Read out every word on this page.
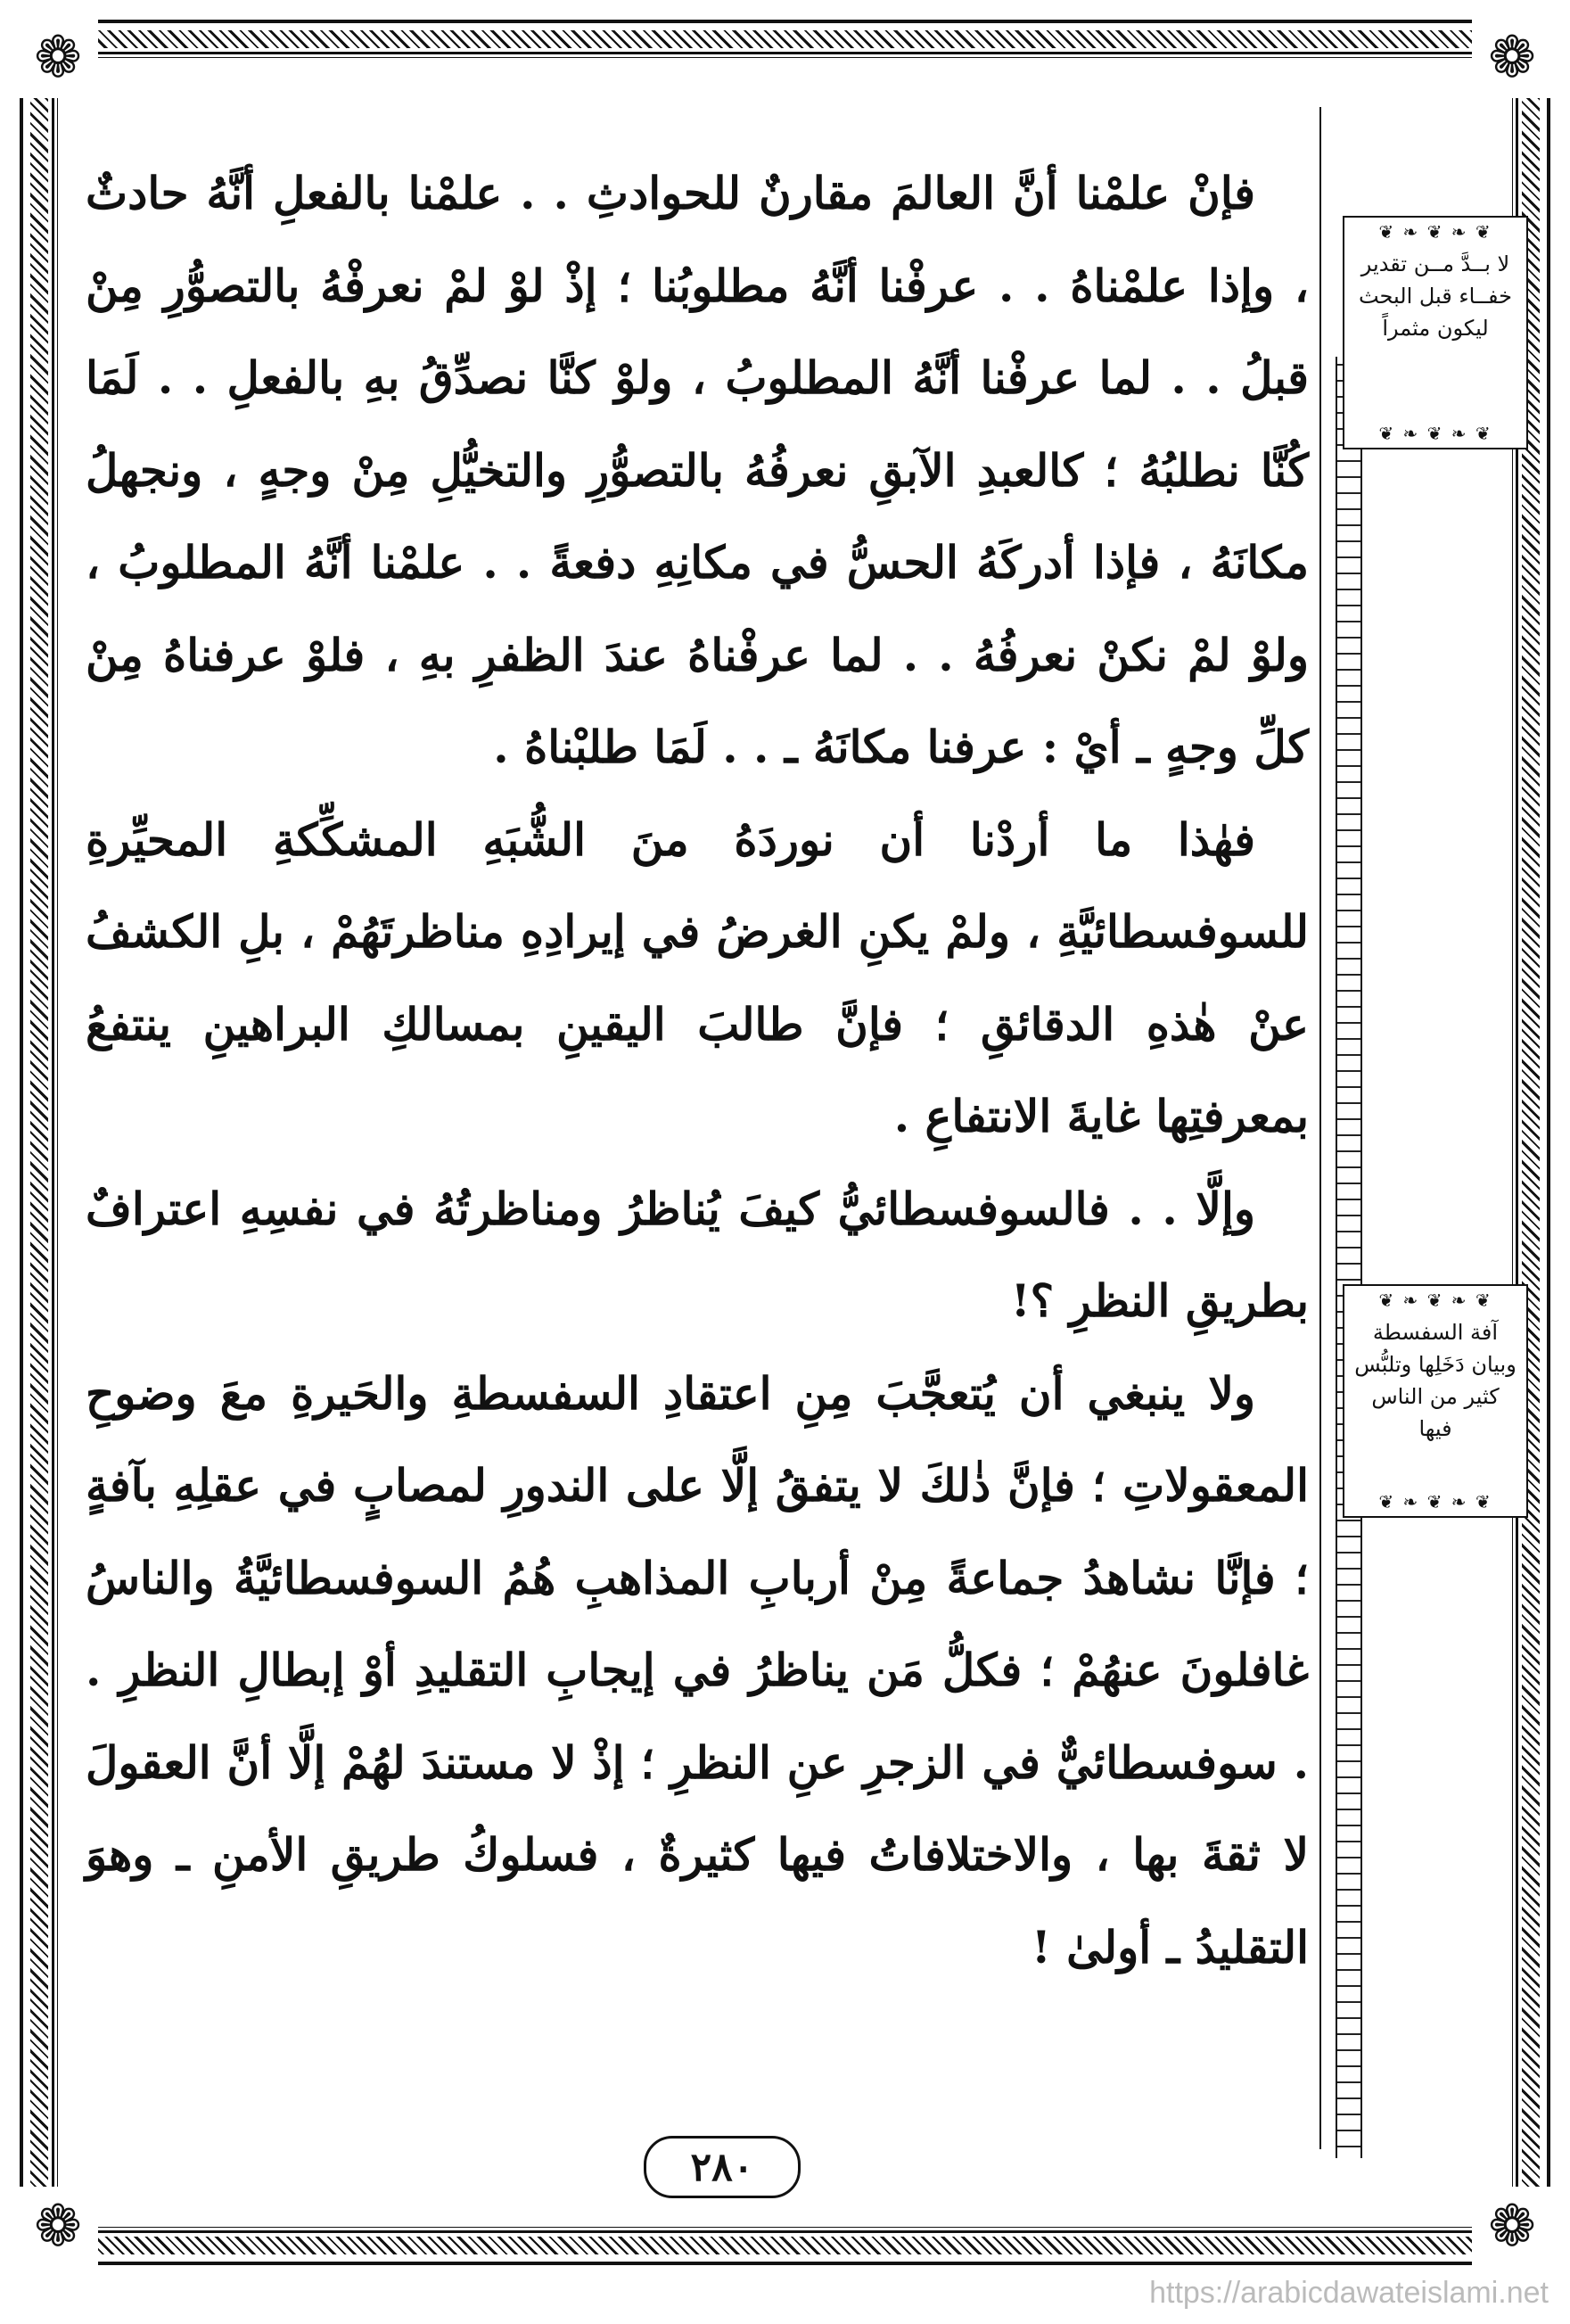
❁	❁
❁	❁

فإنْ علمْنا أنَّ العالمَ مقارنٌ للحوادثِ . . علمْنا بالفعلِ أنَّهُ حادثٌ ، وإذا علمْناهُ . . عرفْنا أنَّهُ مطلوبُنا ؛ إذْ لوْ لمْ نعرفْهُ بالتصوُّرِ مِنْ قبلُ . . لما عرفْنا أنَّهُ المطلوبُ ، ولوْ كنَّا نصدِّقُ بهِ بالفعلِ . . لَمَا كُنَّا نطلبُهُ ؛ كالعبدِ الآبقِ نعرفُهُ بالتصوُّرِ والتخيُّلِ مِنْ وجهٍ ، ونجهلُ مكانَهُ ، فإذا أدركَهُ الحسُّ في مكانِهِ دفعةً . . علمْنا أنَّهُ المطلوبُ ، ولوْ لمْ نكنْ نعرفُهُ . . لما عرفْناهُ عندَ الظفرِ بهِ ، فلوْ عرفناهُ مِنْ كلِّ وجهٍ ـ أيْ : عرفنا مكانَهُ ـ . . لَمَا طلبْناهُ .

فهٰذا ما أردْنا أن نوردَهُ منَ الشُّبَهِ المشكِّكةِ المحيِّرةِ للسوفسطائيَّةِ ، ولمْ يكنِ الغرضُ في إيرادِهِ مناظرتَهُمْ ، بلِ الكشفُ عنْ هٰذهِ الدقائقِ ؛ فإنَّ طالبَ اليقينِ بمسالكِ البراهينِ ينتفعُ بمعرفتِها غايةَ الانتفاعِ .

وإلَّا . . فالسوفسطائيُّ كيفَ يُناظرُ ومناظرتُهُ في نفسِهِ اعترافٌ بطريقِ النظرِ ؟!

ولا ينبغي أن يُتعجَّبَ مِنِ اعتقادِ السفسطةِ والحَيرةِ معَ وضوحِ المعقولاتِ ؛ فإنَّ ذٰلكَ لا يتفقُ إلَّا على الندورِ لمصابٍ في عقلِهِ بآفةٍ ؛ فإنَّا نشاهدُ جماعةً مِنْ أربابِ المذاهبِ هُمُ السوفسطائيَّةُ والناسُ غافلونَ عنهُمْ ؛ فكلُّ مَن يناظرُ في إيجابِ التقليدِ أوْ إبطالِ النظرِ . . سوفسطائيٌّ في الزجرِ عنِ النظرِ ؛ إذْ لا مستندَ لهُمْ إلَّا أنَّ العقولَ لا ثقةَ بها ، والاختلافاتُ فيها كثيرةٌ ، فسلوكُ طريقِ الأمنِ ـ وهوَ التقليدُ ـ أولىٰ !

❦ ❧ ❦ ❧ ❦ لا بــدَّ مــن تقدير خفــاء قبل البحث ليكون مثمراً ❦ ❧ ❦ ❧ ❦
❦ ❧ ❦ ❧ ❦ آفة السفسطة وبيان دَخَلِها وتلبُّس كثير من الناس فيها ❦ ❧ ❦ ❧ ❦
٢٨٠
https://arabicdawateislami.net
